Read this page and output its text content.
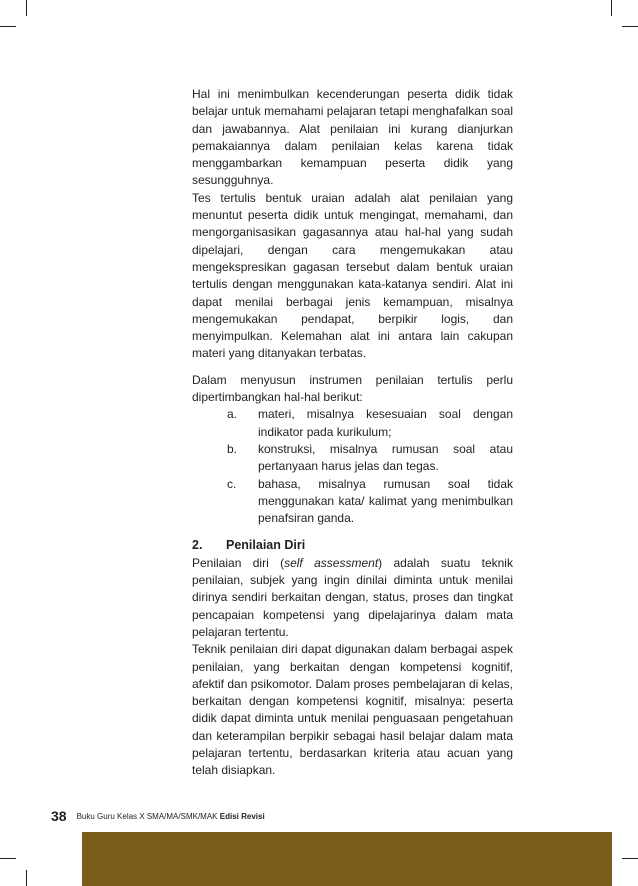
Hal ini menimbulkan kecenderungan peserta didik tidak belajar untuk memahami pelajaran tetapi menghafalkan soal dan jawabannya. Alat penilaian ini kurang dianjurkan pemakaiannya dalam penilaian kelas karena tidak menggambarkan kemampuan peserta didik yang sesungguhnya.

Tes tertulis bentuk uraian adalah alat penilaian yang menuntut peserta didik untuk mengingat, memahami, dan mengorganisasikan gagasannya atau hal-hal yang sudah dipelajari, dengan cara mengemukakan atau mengekspresikan gagasan tersebut dalam bentuk uraian tertulis dengan menggunakan kata-katanya sendiri. Alat ini dapat menilai berbagai jenis kemampuan, misalnya mengemukakan pendapat, berpikir logis, dan menyimpulkan. Kelemahan alat ini antara lain cakupan materi yang ditanyakan terbatas.

Dalam menyusun instrumen penilaian tertulis perlu dipertimbangkan hal-hal berikut:

a.	materi, misalnya kesesuaian soal dengan indikator pada kurikulum;
b.	konstruksi, misalnya rumusan soal atau pertanyaan harus jelas dan tegas.
c.	bahasa, misalnya rumusan soal tidak menggunakan kata/ kalimat yang menimbulkan penafsiran ganda.

2.	Penilaian Diri

Penilaian diri (self assessment) adalah suatu teknik penilaian, subjek yang ingin dinilai diminta untuk menilai dirinya sendiri berkaitan dengan, status, proses dan tingkat pencapaian kompetensi yang dipelajarinya dalam mata pelajaran tertentu.

Teknik penilaian diri dapat digunakan dalam berbagai aspek penilaian, yang berkaitan dengan kompetensi kognitif, afektif dan psikomotor. Dalam proses pembelajaran di kelas, berkaitan dengan kompetensi kognitif, misalnya: peserta didik dapat diminta untuk menilai penguasaan pengetahuan dan keterampilan berpikir sebagai hasil belajar dalam mata pelajaran tertentu, berdasarkan kriteria atau acuan yang telah disiapkan.

38 Buku Guru Kelas X SMA/MA/SMK/MAK Edisi Revisi
